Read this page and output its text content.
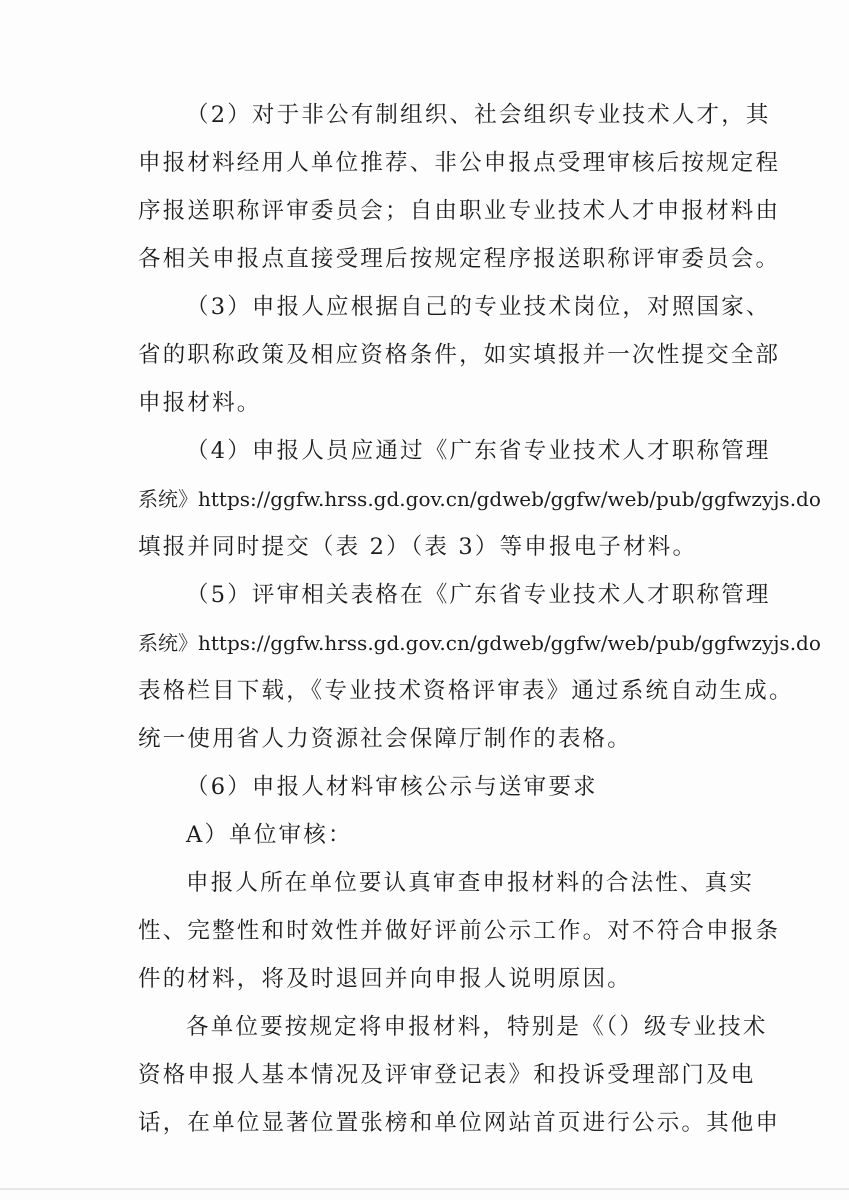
（2）对于非公有制组织、社会组织专业技术人才，其
申报材料经用人单位推荐、非公申报点受理审核后按规定程
序报送职称评审委员会；自由职业专业技术人才申报材料由
各相关申报点直接受理后按规定程序报送职称评审委员会。
（3）申报人应根据自己的专业技术岗位，对照国家、
省的职称政策及相应资格条件，如实填报并一次性提交全部
申报材料。
（4）申报人员应通过《广东省专业技术人才职称管理
系统》https://ggfw.hrss.gd.gov.cn/gdweb/ggfw/web/pub/ggfwzyjs.do
填报并同时提交（表 2）（表 3）等申报电子材料。
（5）评审相关表格在《广东省专业技术人才职称管理
系统》https://ggfw.hrss.gd.gov.cn/gdweb/ggfw/web/pub/ggfwzyjs.do
表格栏目下载，《专业技术资格评审表》通过系统自动生成。
统一使用省人力资源社会保障厅制作的表格。
（6）申报人材料审核公示与送审要求
A）单位审核：
申报人所在单位要认真审查申报材料的合法性、真实
性、完整性和时效性并做好评前公示工作。对不符合申报条
件的材料，将及时退回并向申报人说明原因。
各单位要按规定将申报材料，特别是《（）级专业技术
资格申报人基本情况及评审登记表》和投诉受理部门及电
话，在单位显著位置张榜和单位网站首页进行公示。其他申
